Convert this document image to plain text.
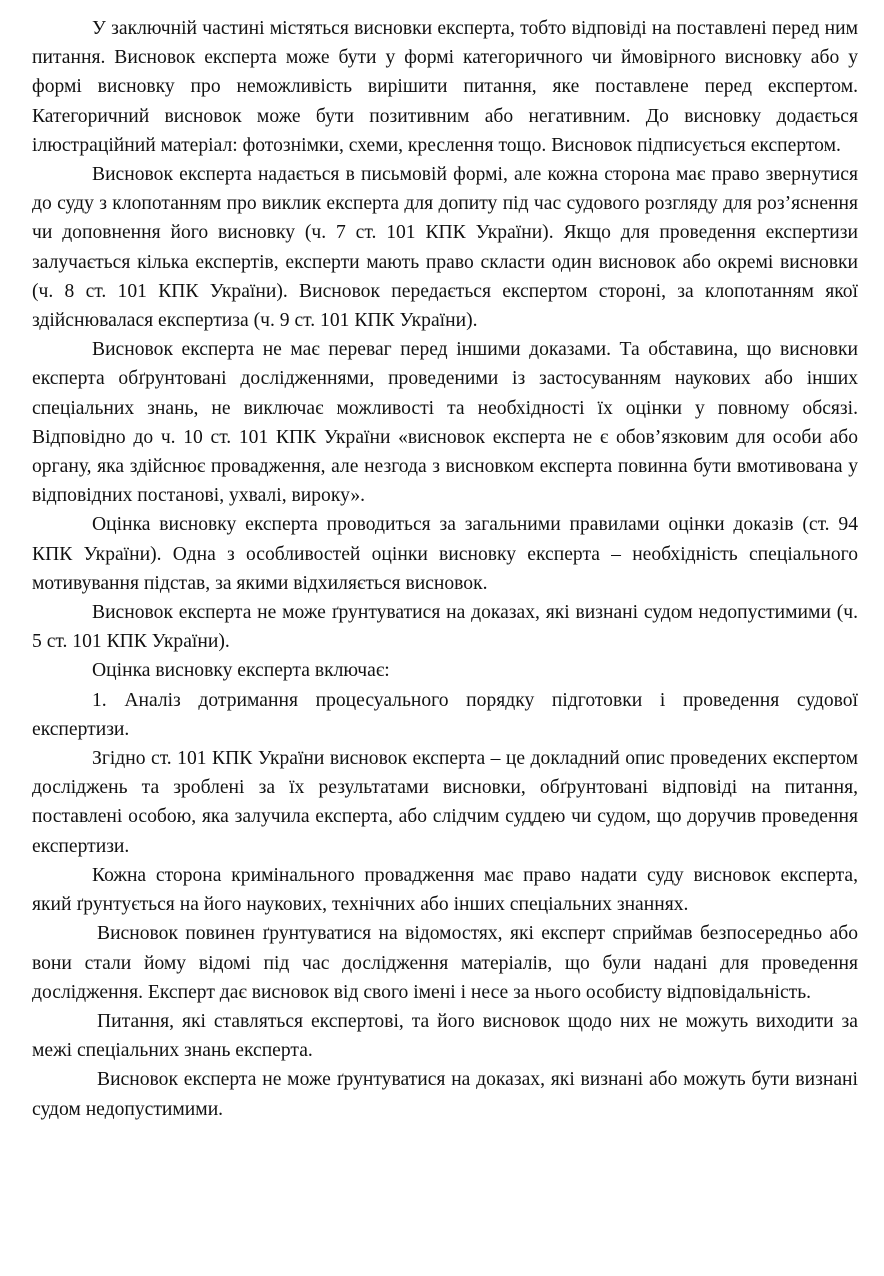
У заключній частині містяться висновки експерта, тобто відповіді на поставлені перед ним питання. Висновок експерта може бути у формі категоричного чи ймовірного висновку або у формі висновку про неможливість вирішити питання, яке поставлене перед експертом. Категоричний висновок може бути позитивним або негативним. До висновку додається ілюстраційний матеріал: фотознімки, схеми, креслення тощо. Висновок підписується експертом.

Висновок експерта надається в письмовій формі, але кожна сторона має право звернутися до суду з клопотанням про виклик експерта для допиту під час судового розгляду для роз’яснення чи доповнення його висновку (ч. 7 ст. 101 КПК України). Якщо для проведення експертизи залучається кілька експертів, експерти мають право скласти один висновок або окремі висновки (ч. 8 ст. 101 КПК України). Висновок передається експертом стороні, за клопотанням якої здійснювалася експертиза (ч. 9 ст. 101 КПК України).

Висновок експерта не має переваг перед іншими доказами. Та обставина, що висновки експерта обґрунтовані дослідженнями, проведеними із застосуванням наукових або інших спеціальних знань, не виключає можливості та необхідності їх оцінки у повному обсязі. Відповідно до ч. 10 ст. 101 КПК України «висновок експерта не є обов’язковим для особи або органу, яка здійснює провадження, але незгода з висновком експерта повинна бути вмотивована у відповідних постанові, ухвалі, вироку».

Оцінка висновку експерта проводиться за загальними правилами оцінки доказів (ст. 94 КПК України). Одна з особливостей оцінки висновку експерта – необхідність спеціального мотивування підстав, за якими відхиляється висновок.

Висновок експерта не може ґрунтуватися на доказах, які визнані судом недопустимими (ч. 5 ст. 101 КПК України).

Оцінка висновку експерта включає:

1. Аналіз дотримання процесуального порядку підготовки і проведення судової експертизи.

Згідно ст. 101 КПК України висновок експерта – це докладний опис проведених експертом досліджень та зроблені за їх результатами висновки, обґрунтовані відповіді на питання, поставлені особою, яка залучила експерта, або слідчим суддею чи судом, що доручив проведення експертизи.

Кожна сторона кримінального провадження має право надати суду висновок експерта, який ґрунтується на його наукових, технічних або інших спеціальних знаннях.

Висновок повинен ґрунтуватися на відомостях, які експерт сприймав безпосередньо або вони стали йому відомі під час дослідження матеріалів, що були надані для проведення дослідження. Експерт дає висновок від свого імені і несе за нього особисту відповідальність.

Питання, які ставляться експертові, та його висновок щодо них не можуть виходити за межі спеціальних знань експерта.

Висновок експерта не може ґрунтуватися на доказах, які визнані або можуть бути визнані судом недопустимими.
